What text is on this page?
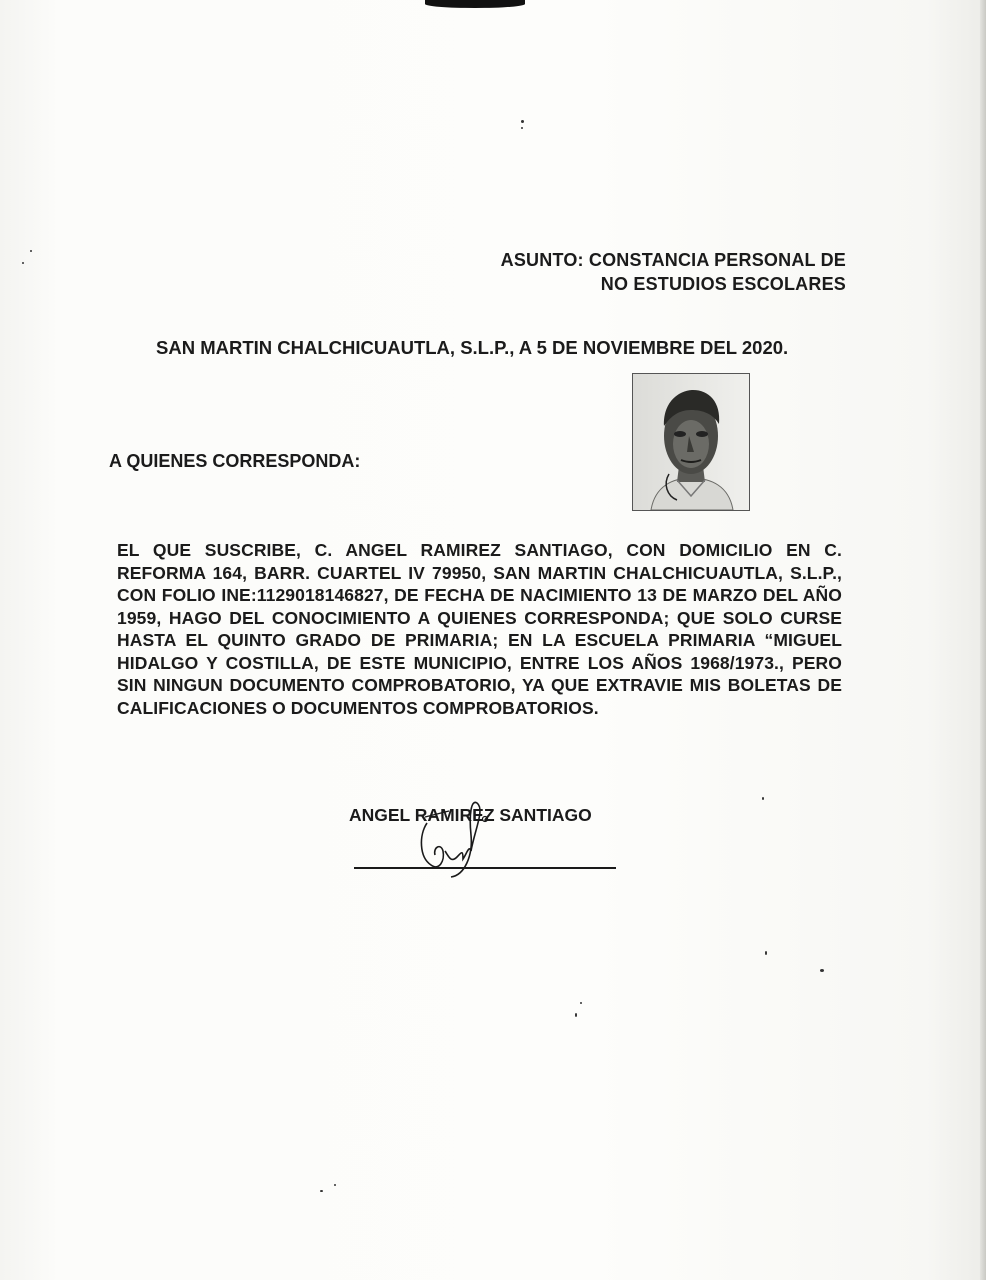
ASUNTO: CONSTANCIA PERSONAL DE
NO ESTUDIOS ESCOLARES
SAN MARTIN CHALCHICUAUTLA, S.L.P., A 5 DE NOVIEMBRE DEL 2020.
A QUIENES CORRESPONDA:
EL QUE SUSCRIBE, C. ANGEL RAMIREZ SANTIAGO, CON DOMICILIO EN C. REFORMA 164, BARR. CUARTEL IV 79950, SAN MARTIN CHALCHICUAUTLA, S.L.P., CON FOLIO INE:1129018146827, DE FECHA DE NACIMIENTO 13 DE MARZO DEL AÑO 1959, HAGO DEL CONOCIMIENTO A QUIENES CORRESPONDA; QUE SOLO CURSE HASTA EL QUINTO GRADO DE PRIMARIA; EN LA ESCUELA PRIMARIA “MIGUEL HIDALGO Y COSTILLA, DE ESTE MUNICIPIO, ENTRE LOS AÑOS 1968/1973., PERO SIN NINGUN DOCUMENTO COMPROBATORIO, YA QUE EXTRAVIE MIS BOLETAS DE CALIFICACIONES O DOCUMENTOS COMPROBATORIOS.
ANGEL RAMIREZ SANTIAGO
